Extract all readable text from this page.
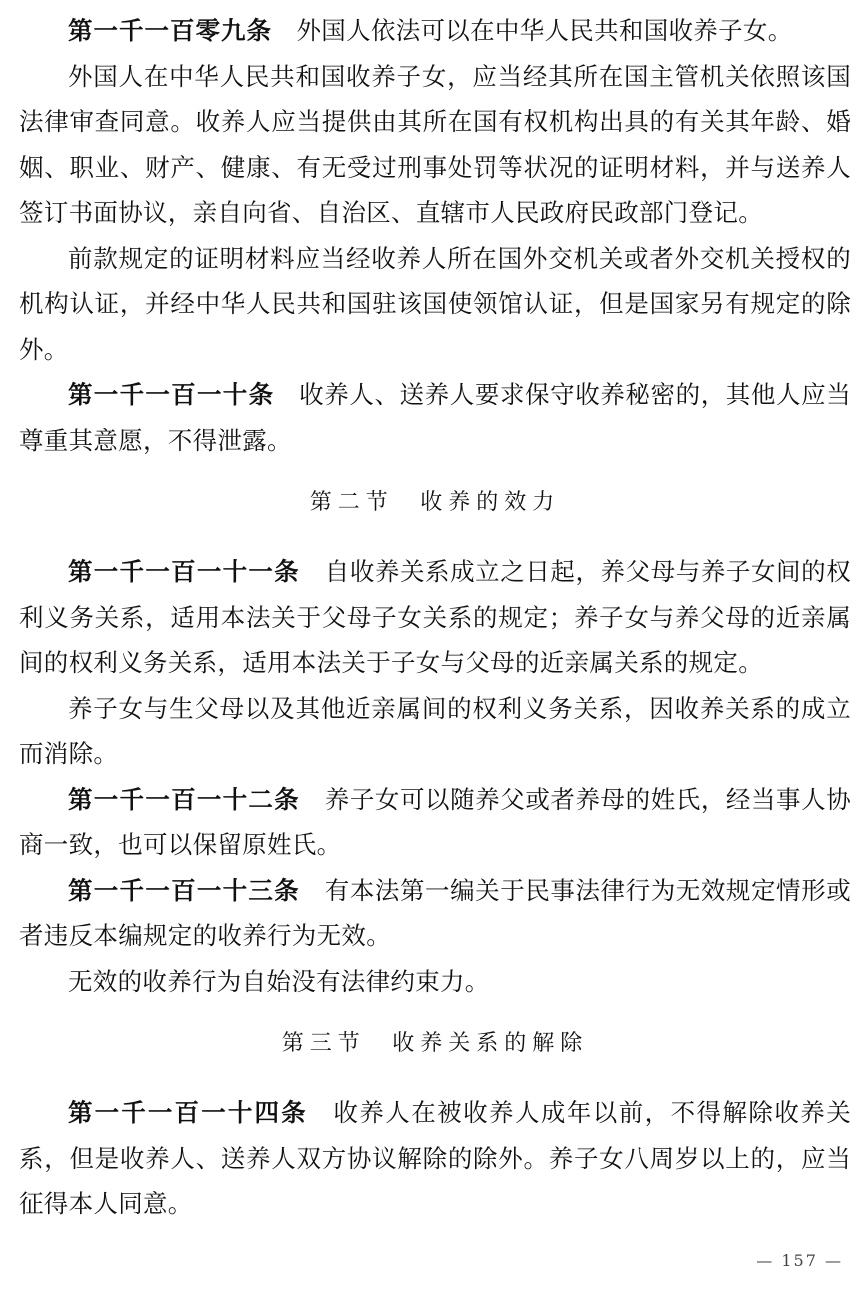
第一千一百零九条 外国人依法可以在中华人民共和国收养子女。

外国人在中华人民共和国收养子女，应当经其所在国主管机关依照该国法律审查同意。收养人应当提供由其所在国有权机构出具的有关其年龄、婚姻、职业、财产、健康、有无受过刑事处罚等状况的证明材料，并与送养人签订书面协议，亲自向省、自治区、直辖市人民政府民政部门登记。

前款规定的证明材料应当经收养人所在国外交机关或者外交机关授权的机构认证，并经中华人民共和国驻该国使领馆认证，但是国家另有规定的除外。

第一千一百一十条 收养人、送养人要求保守收养秘密的，其他人应当尊重其意愿，不得泄露。

第二节 收养的效力

第一千一百一十一条 自收养关系成立之日起，养父母与养子女间的权利义务关系，适用本法关于父母子女关系的规定；养子女与养父母的近亲属间的权利义务关系，适用本法关于子女与父母的近亲属关系的规定。

养子女与生父母以及其他近亲属间的权利义务关系，因收养关系的成立而消除。

第一千一百一十二条 养子女可以随养父或者养母的姓氏，经当事人协商一致，也可以保留原姓氏。

第一千一百一十三条 有本法第一编关于民事法律行为无效规定情形或者违反本编规定的收养行为无效。

无效的收养行为自始没有法律约束力。

第三节 收养关系的解除

第一千一百一十四条 收养人在被收养人成年以前，不得解除收养关系，但是收养人、送养人双方协议解除的除外。养子女八周岁以上的，应当征得本人同意。

— 157 —
